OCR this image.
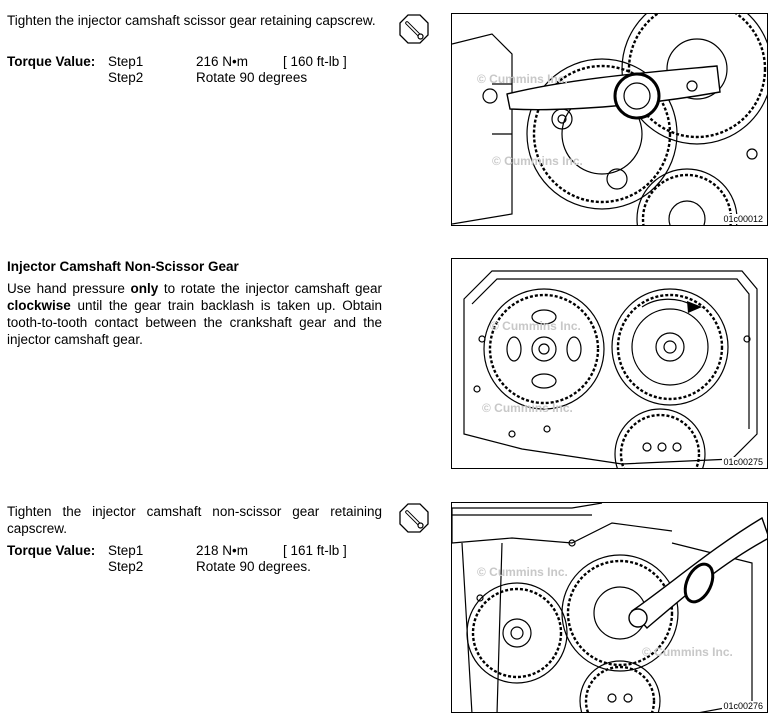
Tighten the injector camshaft scissor gear retaining capscrew.
Torque Value: Step1	216 N•m	[ 160 ft-lb ]
Step2	Rotate 90 degrees	© Cummins Inc.
© Cummins Inc.
01c00012
Injector Camshaft Non-Scissor Gear
Use hand pressure only to rotate the injector camshaft gear clockwise until the gear train backlash is taken up. Obtain tooth-to-tooth contact between the crankshaft gear and the injector camshaft gear.
© Cummins Inc.
© Cummins Inc.
01c00275
Tighten the injector camshaft non-scissor gear retaining capscrew.
Torque Value: Step1	218 N•m	[ 161 ft-lb ]
Step2	Rotate 90 degrees.	© Cummins Inc.
© Cummins Inc.
01c00276
